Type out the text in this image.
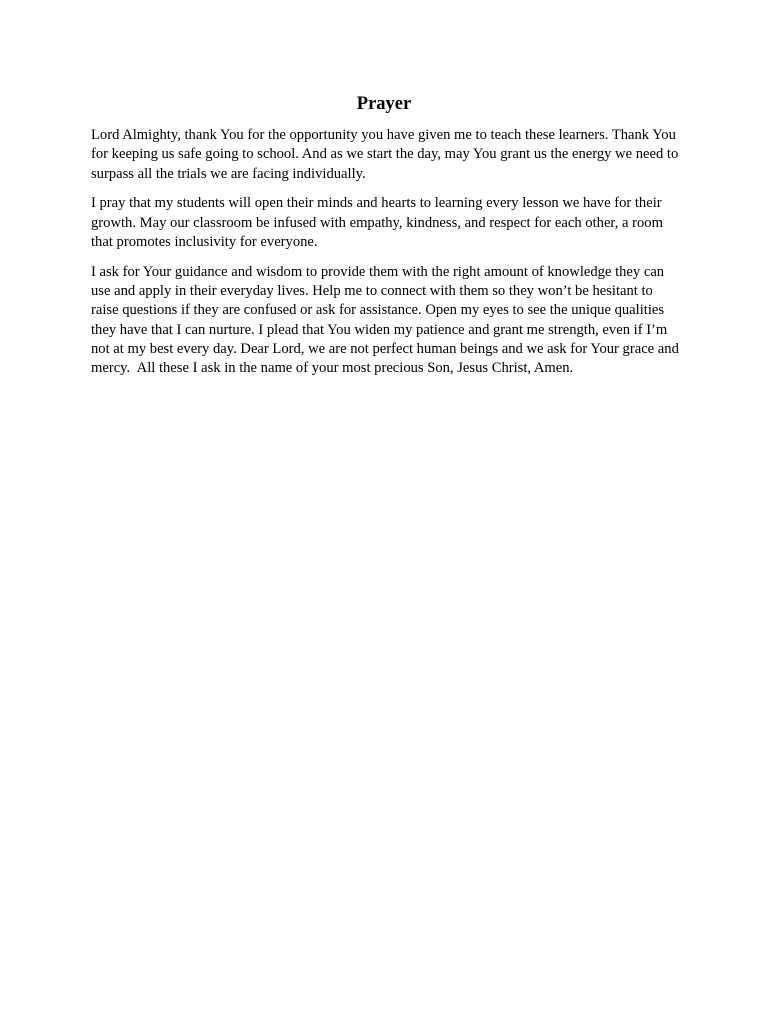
Prayer

Lord Almighty, thank You for the opportunity you have given me to teach these learners. Thank You for keeping us safe going to school. And as we start the day, may You grant us the energy we need to surpass all the trials we are facing individually.

I pray that my students will open their minds and hearts to learning every lesson we have for their growth. May our classroom be infused with empathy, kindness, and respect for each other, a room that promotes inclusivity for everyone.

I ask for Your guidance and wisdom to provide them with the right amount of knowledge they can use and apply in their everyday lives. Help me to connect with them so they won’t be hesitant to raise questions if they are confused or ask for assistance. Open my eyes to see the unique qualities they have that I can nurture. I plead that You widen my patience and grant me strength, even if I’m not at my best every day. Dear Lord, we are not perfect human beings and we ask for Your grace and mercy.  All these I ask in the name of your most precious Son, Jesus Christ, Amen.
